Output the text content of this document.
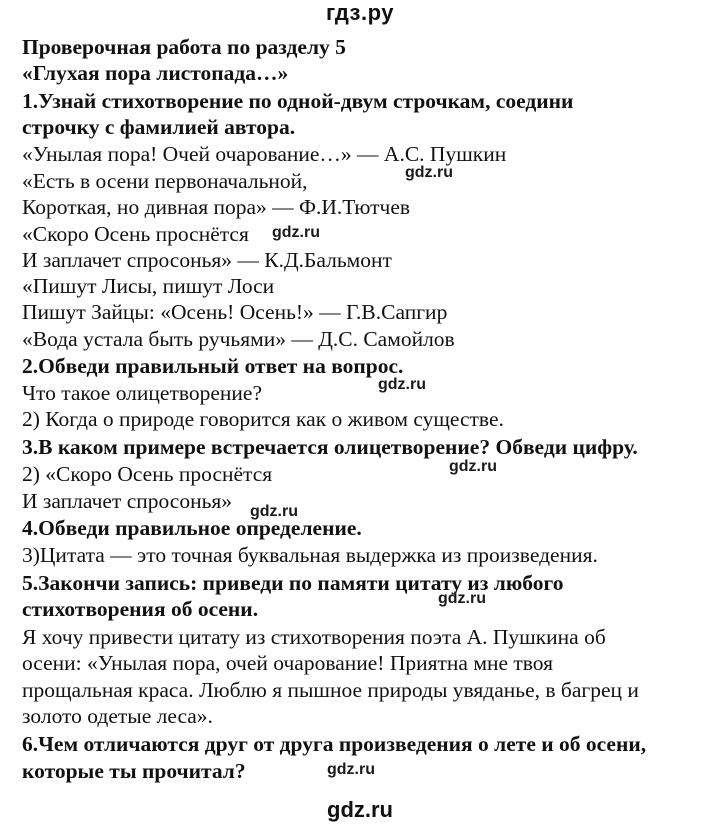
гдз.ру
Проверочная работа по разделу 5
«Глухая пора листопада…»
1.Узнай стихотворение по одной-двум строчкам, соедини
строчку с фамилией автора.
«Унылая пора! Очей очарование…» — А.С. Пушкин
«Есть в осени первоначальной,
Короткая, но дивная пора» — Ф.И.Тютчев
«Скоро Осень проснётся
И заплачет спросонья» — К.Д.Бальмонт
«Пишут Лисы, пишут Лоси
Пишут Зайцы: «Осень! Осень!» — Г.В.Сапгир
«Вода устала быть ручьями» — Д.С. Самойлов
2.Обведи правильный ответ на вопрос.
Что такое олицетворение?
2) Когда о природе говорится как о живом существе.
3.В каком примере встречается олицетворение? Обведи цифру.
2) «Скоро Осень проснётся
И заплачет спросонья»
4.Обведи правильное определение.
3)Цитата — это точная буквальная выдержка из произведения.
5.Закончи запись: приведи по памяти цитату из любого
стихотворения об осени.
Я хочу привести цитату из стихотворения поэта А. Пушкина об
осени: «Унылая пора, очей очарование! Приятна мне твоя
прощальная краса. Люблю я пышное природы увяданье, в багрец и
золото одетые леса».
6.Чем отличаются друг от друга произведения о лете и об осени,
которые ты прочитал?
gdz.ru
gdz.ru
gdz.ru
gdz.ru
gdz.ru
gdz.ru
gdz.ru
gdz.ru
